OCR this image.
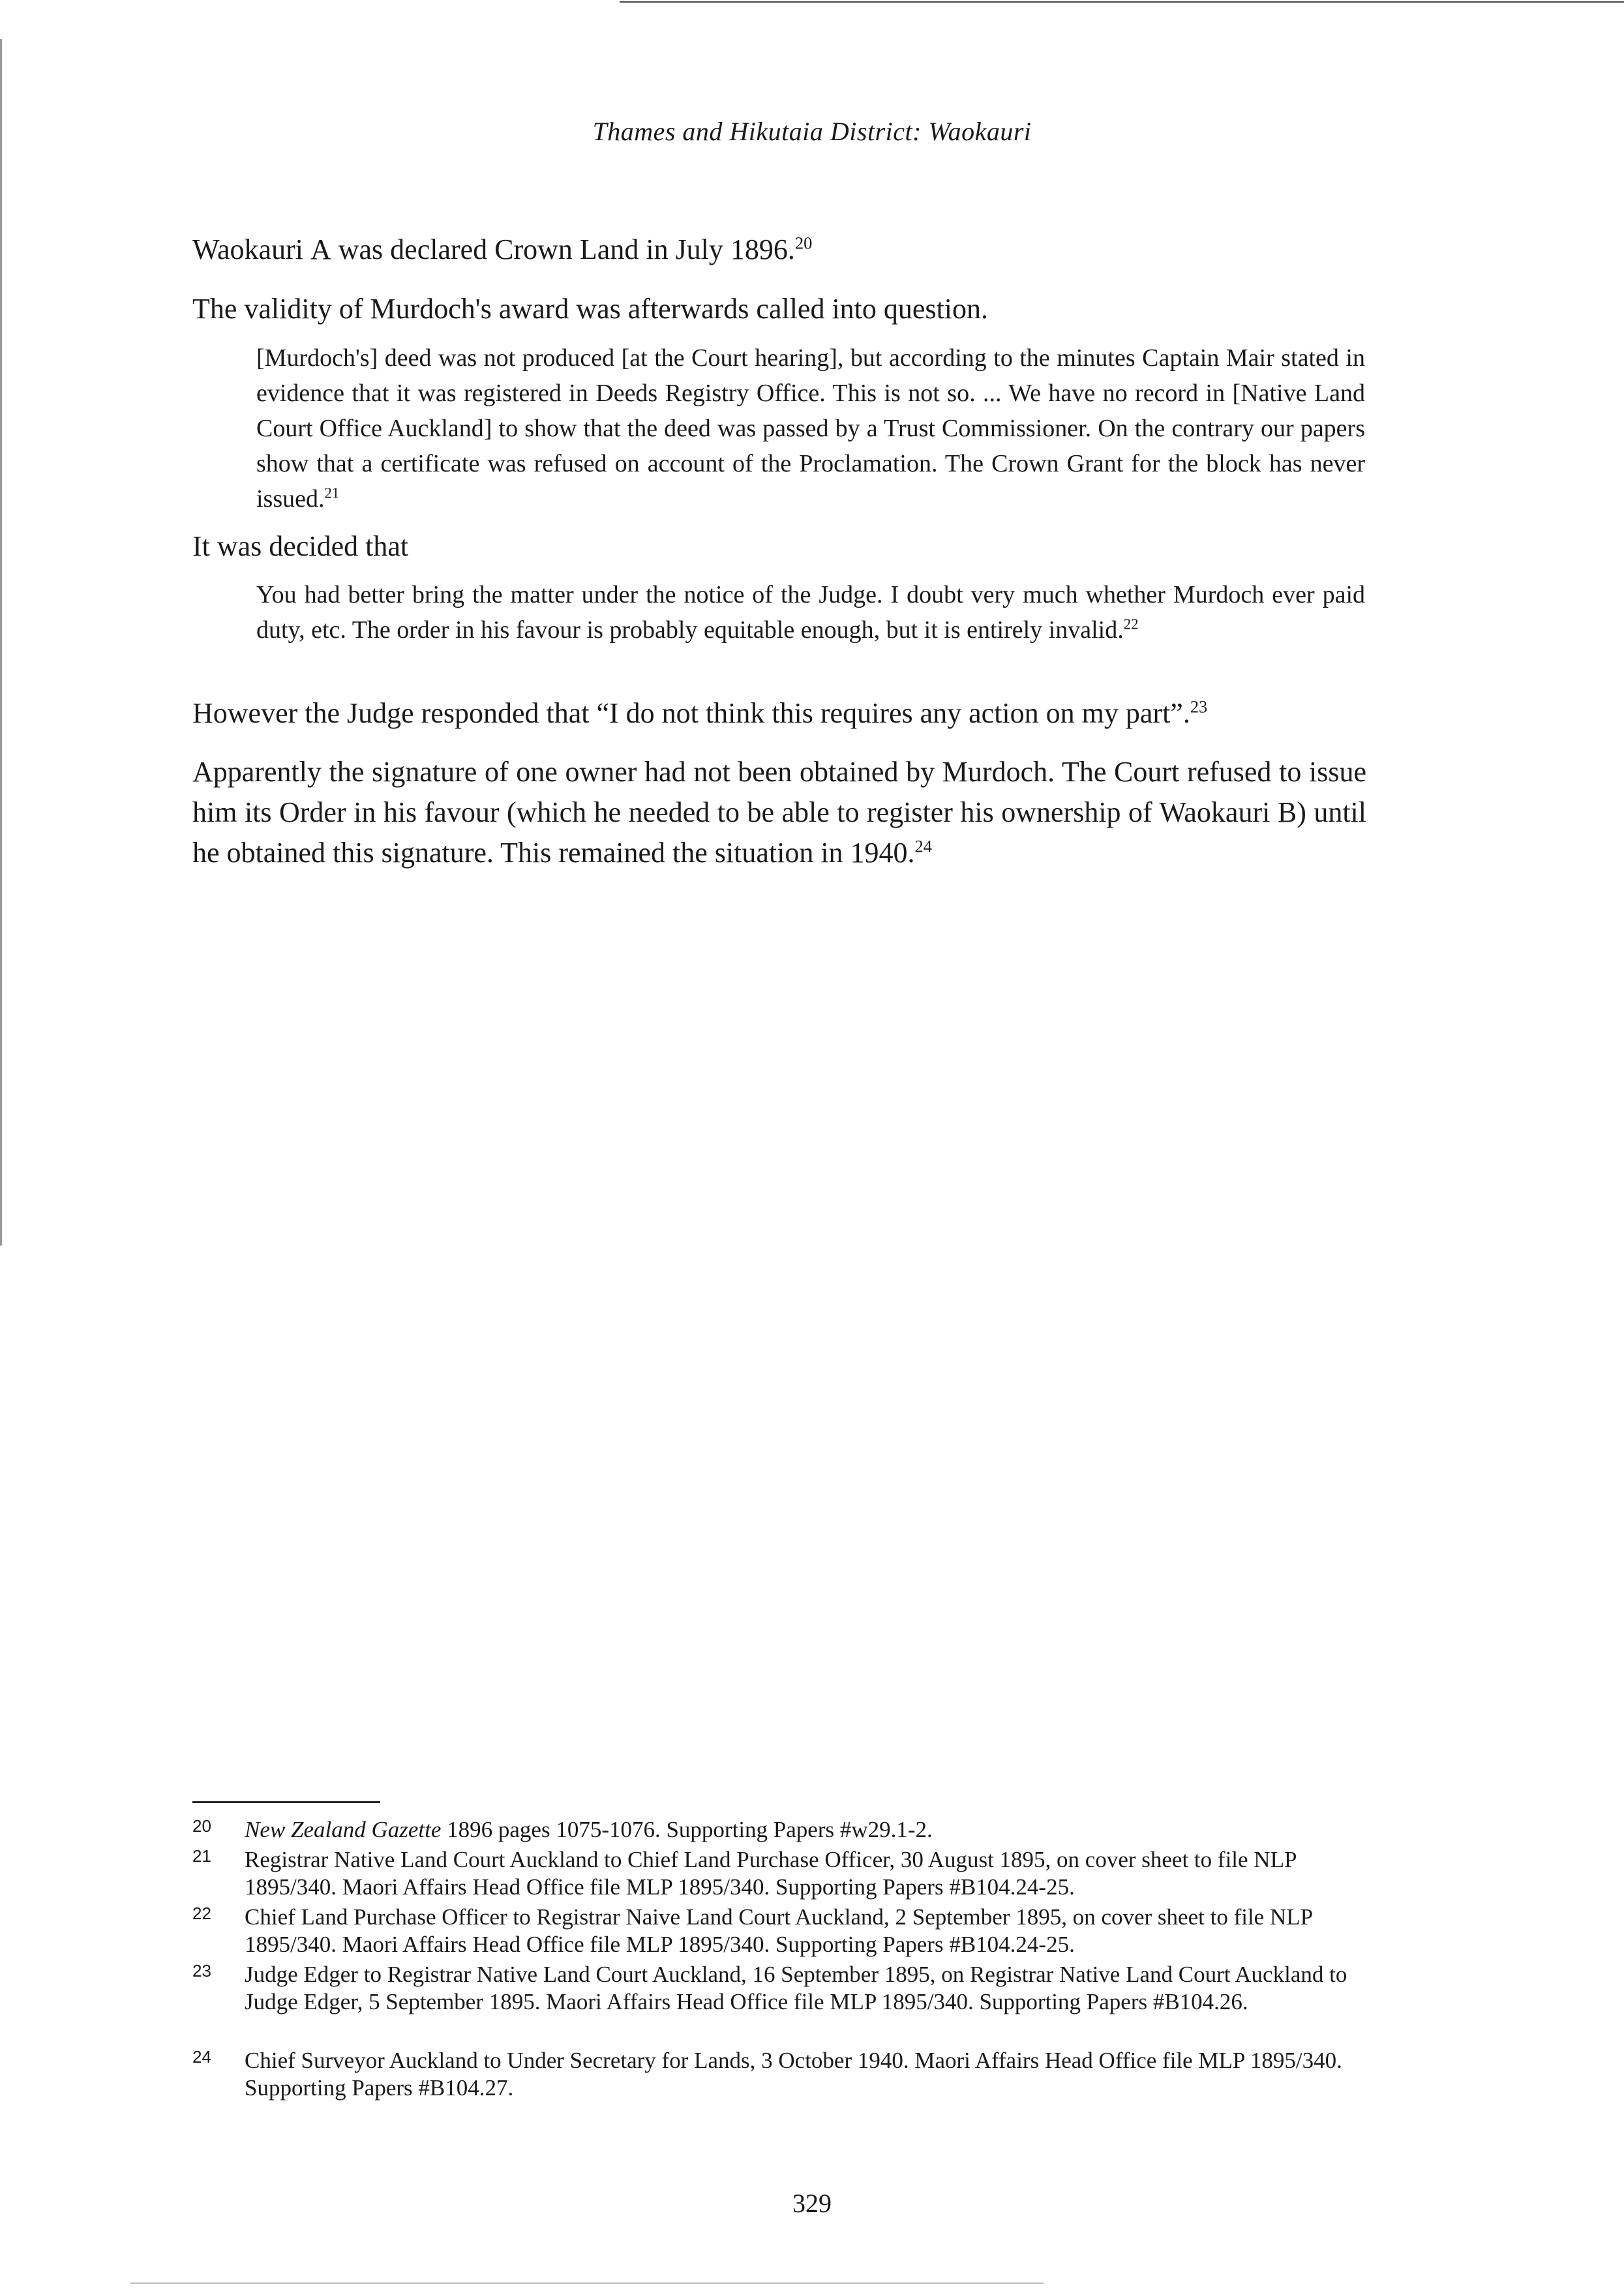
Thames and Hikutaia District: Waokauri

Waokauri A was declared Crown Land in July 1896.20

The validity of Murdoch's award was afterwards called into question.

[Murdoch's] deed was not produced [at the Court hearing], but according to the minutes Captain Mair stated in evidence that it was registered in Deeds Registry Office. This is not so. ... We have no record in [Native Land Court Office Auckland] to show that the deed was passed by a Trust Commissioner. On the contrary our papers show that a certificate was refused on account of the Proclamation. The Crown Grant for the block has never issued.$^{21}$

It was decided that

You had better bring the matter under the notice of the Judge. I doubt very much whether Murdoch ever paid duty, etc. The order in his favour is probably equitable enough, but it is entirely invalid.$^{22}$

However the Judge responded that “I do not think this requires any action on my part”.$^{23}$

Apparently the signature of one owner had not been obtained by Murdoch. The Court refused to issue him its Order in his favour (which he needed to be able to register his ownership of Waokauri B) until he obtained this signature. This remained the situation in 1940.24

20 New Zealand Gazette 1896 pages 1075-1076. Supporting Papers #w29.1-2.
21 Registrar Native Land Court Auckland to Chief Land Purchase Officer, 30 August 1895, on cover sheet to file NLP 1895/340. Maori Affairs Head Office file MLP 1895/340. Supporting Papers #B104.24-25.
22 Chief Land Purchase Officer to Registrar Naive Land Court Auckland, 2 September 1895, on cover sheet to file NLP 1895/340. Maori Affairs Head Office file MLP 1895/340. Supporting Papers #B104.24-25.
23 Judge Edger to Registrar Native Land Court Auckland, 16 September 1895, on Registrar Native Land Court Auckland to Judge Edger, 5 September 1895. Maori Affairs Head Office file MLP 1895/340. Supporting Papers #B104.26.
24 Chief Surveyor Auckland to Under Secretary for Lands, 3 October 1940. Maori Affairs Head Office file MLP 1895/340. Supporting Papers #B104.27.
329
